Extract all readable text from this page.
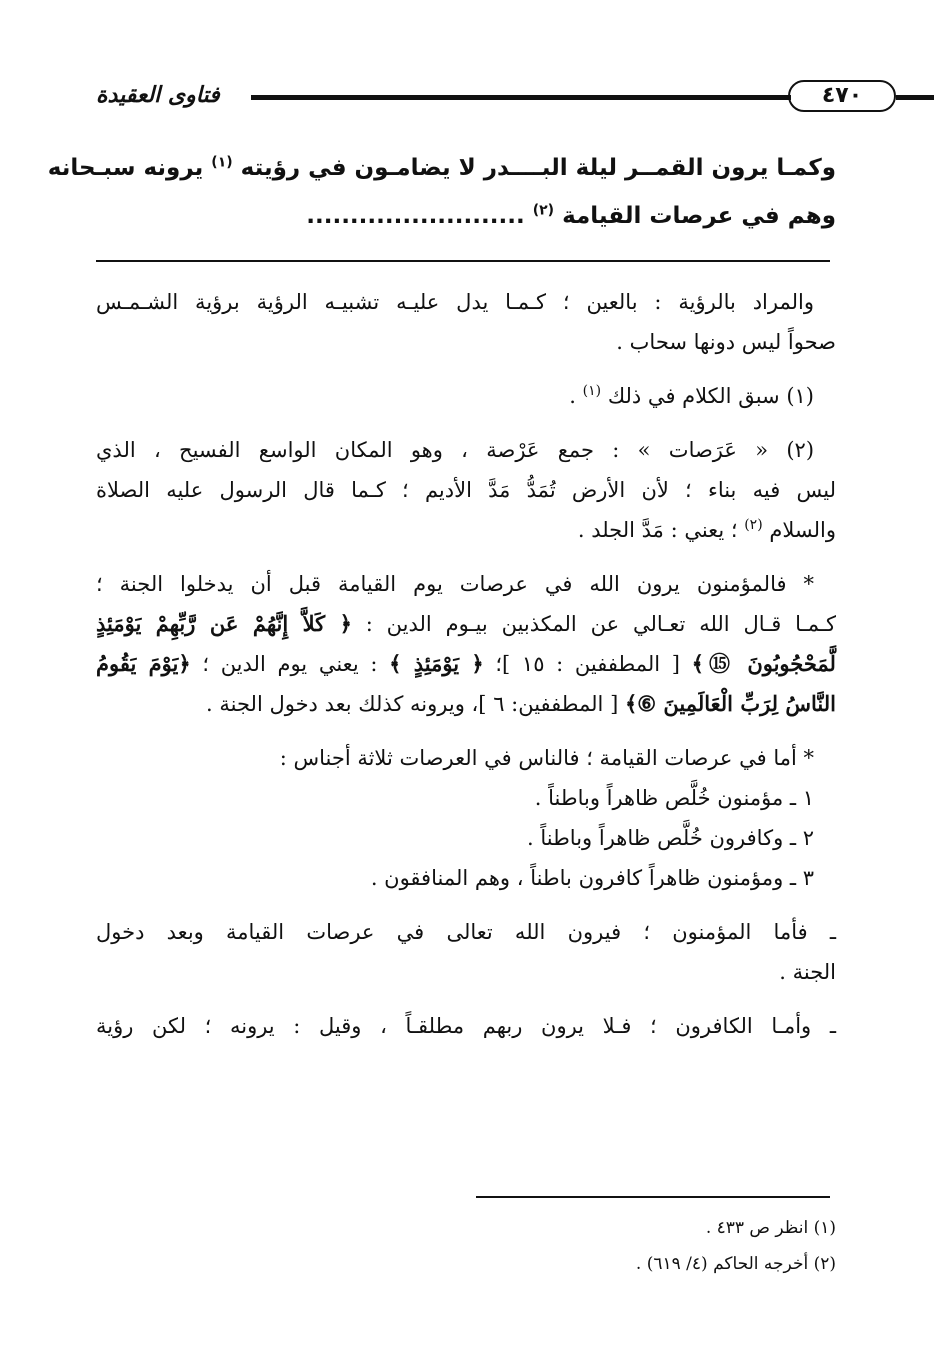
فتاوى العقيدة	٤٧٠
وكمـا يرون القمــر ليلة البــــدر لا يضامـون في رؤيته $^{(١)}$ يرونه سبـحانه
وهم في عرصات القيامة $^{(٢)}$ .........................
والمراد بالرؤية : بالعين ؛ كـمـا يدل عليـه تشبيـه الرؤية برؤية الشـمـس
صحواً ليس دونها سحاب .
(١) سبق الكلام في ذلك $^{(١)}$ .
(٢) « عَرَصات » : جمع عَرْصة ، وهو المكان الواسع الفسيح ، الذي
ليس فيه بناء ؛ لأن الأرض تُمَدُّ مَدَّ الأديم ؛ كـما قال الرسول عليه الصلاة
والسلام $^{(٢)}$ ؛ يعني : مَدَّ الجلد .
* فالمؤمنون يرون الله في عرصات يوم القيامة قبل أن يدخلوا الجنة ؛
كـمـا قـال الله تعـالي عن المكذبين بيـوم الدين : ﴿ كَلاَّ إِنَّهُمْ عَن رَّبِّهِمْ يَوْمَئِذٍ
لَّمَحْجُوبُونَ ⑮﴾ [ المطففين : ١٥ ]؛ ﴿ يَوْمَئِذٍ ﴾ : يعني يوم الدين ؛ ﴿يَوْمَ يَقُومُ
النَّاسُ لِرَبِّ الْعَالَمِينَ ⑥﴾ [ المطففين: ٦ ]، ويرونه كذلك بعد دخول الجنة .
* أما في عرصات القيامة ؛ فالناس في العرصات ثلاثة أجناس :
١ ـ مؤمنون خُلَّص ظاهراً وباطناً .
٢ ـ وكافرون خُلَّص ظاهراً وباطناً .
٣ ـ ومؤمنون ظاهراً كافرون باطناً ، وهم المنافقون .
ـ فأما المؤمنون ؛ فيرون الله تعالى في عرصات القيامة وبعد دخول
الجنة .
ـ وأمـا الكافرون ؛ فـلا يرون ربهم مطلقـاً ، وقيل : يرونه ؛ لكن رؤية
(١) انظر ص ٤٣٣ .
(٢) أخرجه الحاكم (٤/ ٦١٩) .
